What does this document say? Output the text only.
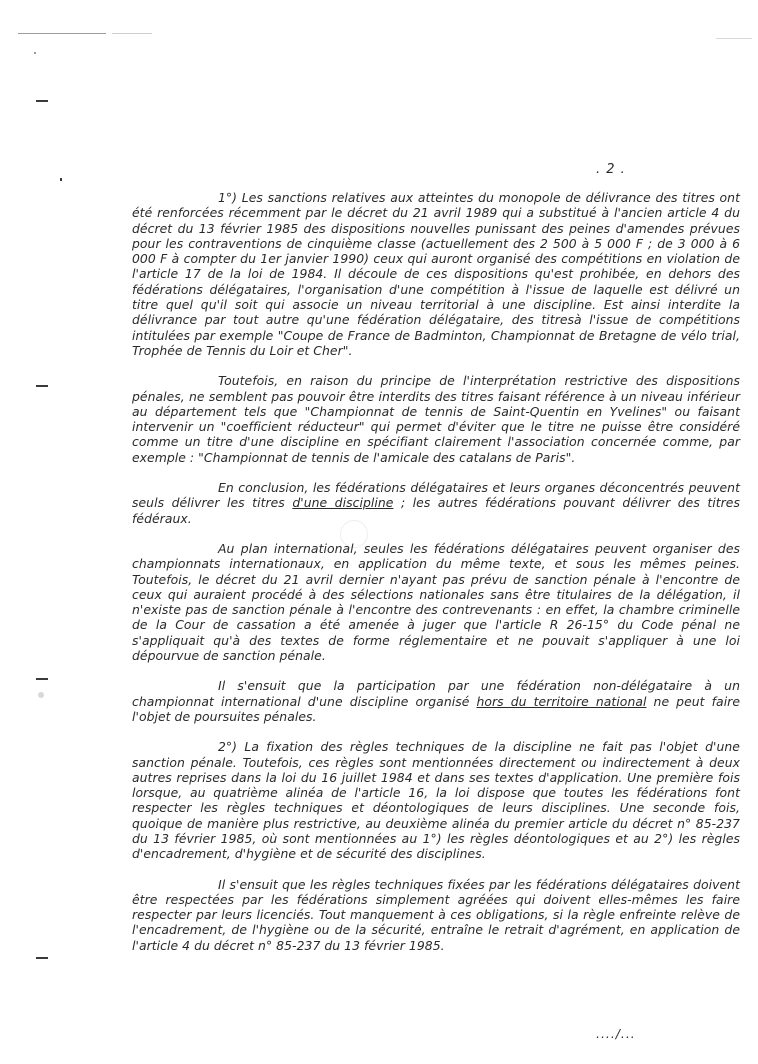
. 2 .

1°) Les sanctions relatives aux atteintes du monopole de délivrance des titres ont été renforcées récemment par le décret du 21 avril 1989 qui a substitué à l'ancien article 4 du décret du 13 février 1985 des dispositions nouvelles punissant des peines d'amendes prévues pour les contraventions de cinquième classe (actuellement des 2 500 à 5 000 F ; de 3 000 à 6 000 F à compter du 1er janvier 1990) ceux qui auront organisé des compétitions en violation de l'article 17 de la loi de 1984. Il découle de ces dispositions qu'est prohibée, en dehors des fédérations délégataires, l'organisation d'une compétition à l'issue de laquelle est délivré un titre quel qu'il soit qui associe un niveau territorial à une discipline. Est ainsi interdite la délivrance par tout autre qu'une fédération délégataire, des titresà l'issue de compétitions intitulées par exemple "Coupe de France de Badminton, Championnat de Bretagne de vélo trial, Trophée de Tennis du Loir et Cher".

Toutefois, en raison du principe de l'interprétation restrictive des dispositions pénales, ne semblent pas pouvoir être interdits des titres faisant référence à un niveau inférieur au département tels que "Championnat de tennis de Saint-Quentin en Yvelines" ou faisant intervenir un "coefficient réducteur" qui permet d'éviter que le titre ne puisse être considéré comme un titre d'une discipline en spécifiant clairement l'association concernée comme, par exemple : "Championnat de tennis de l'amicale des catalans de Paris".

En conclusion, les fédérations délégataires et leurs organes déconcentrés peuvent seuls délivrer les titres d'une discipline ; les autres fédérations pouvant délivrer des titres fédéraux.

Au plan international, seules les fédérations délégataires peuvent organiser des championnats internationaux, en application du même texte, et sous les mêmes peines. Toutefois, le décret du 21 avril dernier n'ayant pas prévu de sanction pénale à l'encontre de ceux qui auraient procédé à des sélections nationales sans être titulaires de la délégation, il n'existe pas de sanction pénale à l'encontre des contrevenants : en effet, la chambre criminelle de la Cour de cassation a été amenée à juger que l'article R 26-15° du Code pénal ne s'appliquait qu'à des textes de forme réglementaire et ne pouvait s'appliquer à une loi dépourvue de sanction pénale.

Il s'ensuit que la participation par une fédération non-délégataire à un championnat international d'une discipline organisé hors du territoire national ne peut faire l'objet de poursuites pénales.

2°) La fixation des règles techniques de la discipline ne fait pas l'objet d'une sanction pénale. Toutefois, ces règles sont mentionnées directement ou indirectement à deux autres reprises dans la loi du 16 juillet 1984 et dans ses textes d'application. Une première fois lorsque, au quatrième alinéa de l'article 16, la loi dispose que toutes les fédérations font respecter les règles techniques et déontologiques de leurs disciplines. Une seconde fois, quoique de manière plus restrictive, au deuxième alinéa du premier article du décret n° 85-237 du 13 février 1985, où sont mentionnées au 1°) les règles déontologiques et au 2°) les règles d'encadrement, d'hygiène et de sécurité des disciplines.

Il s'ensuit que les règles techniques fixées par les fédérations délégataires doivent être respectées par les fédérations simplement agréées qui doivent elles-mêmes les faire respecter par leurs licenciés. Tout manquement à ces obligations, si la règle enfreinte relève de l'encadrement, de l'hygiène ou de la sécurité, entraîne le retrait d'agrément, en application de l'article 4 du décret n° 85-237 du 13 février 1985.

..../...
